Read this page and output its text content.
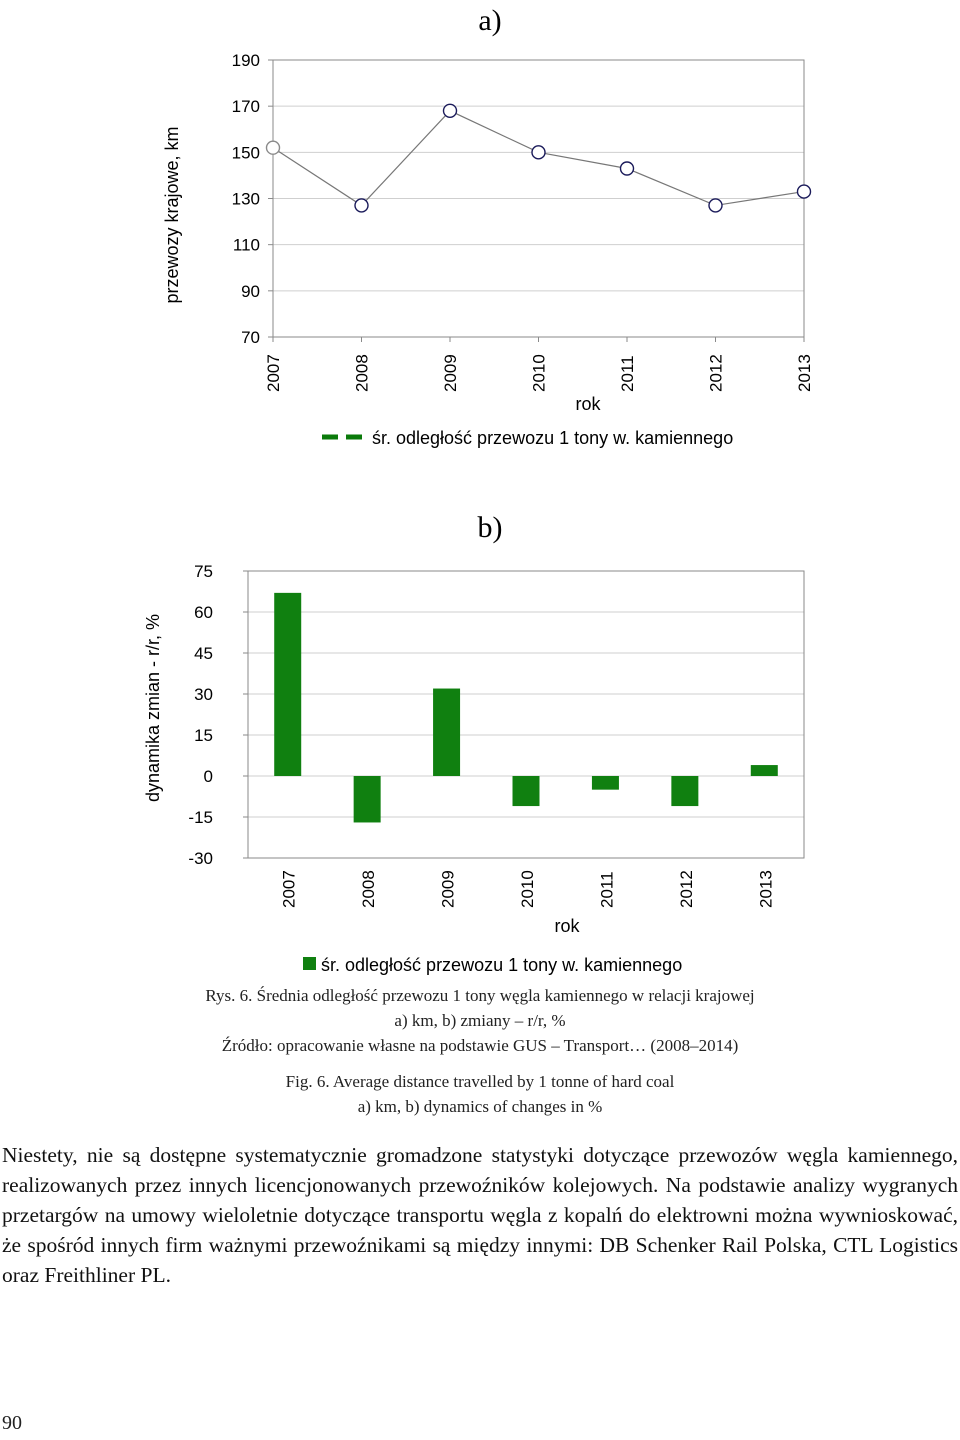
a)
190
170
150
130
110
90
70
2007	2008	2009	2010	2011	2012	2013
przewozy krajowe, km
rok
śr. odległość przewozu 1 tony w. kamiennego
b)
75
60
45
30
15
0
-15
-30
2007	2008	2009	2010	2011	2012	2013
dynamika zmian - r/r, %
rok
śr. odległość przewozu 1 tony w. kamiennego
Rys. 6. Średnia odległość przewozu 1 tony węgla kamiennego w relacji krajowej
a) km, b) zmiany – r/r, %
Źródło: opracowanie własne na podstawie GUS – Transport… (2008–2014)
Fig. 6. Average distance travelled by 1 tonne of hard coal
a) km, b) dynamics of changes in %

Niestety, nie są dostępne systematycznie gromadzone statystyki dotyczące przewozów węgla kamiennego, realizowanych przez innych licencjonowanych przewoźników kolejowych. Na podstawie analizy wygranych przetargów na umowy wieloletnie dotyczące transportu węgla z kopalń do elektrowni można wywnioskować, że spośród innych firm ważnymi przewoźnikami są między innymi: DB Schenker Rail Polska, CTL Logistics oraz Freithliner PL.

90
